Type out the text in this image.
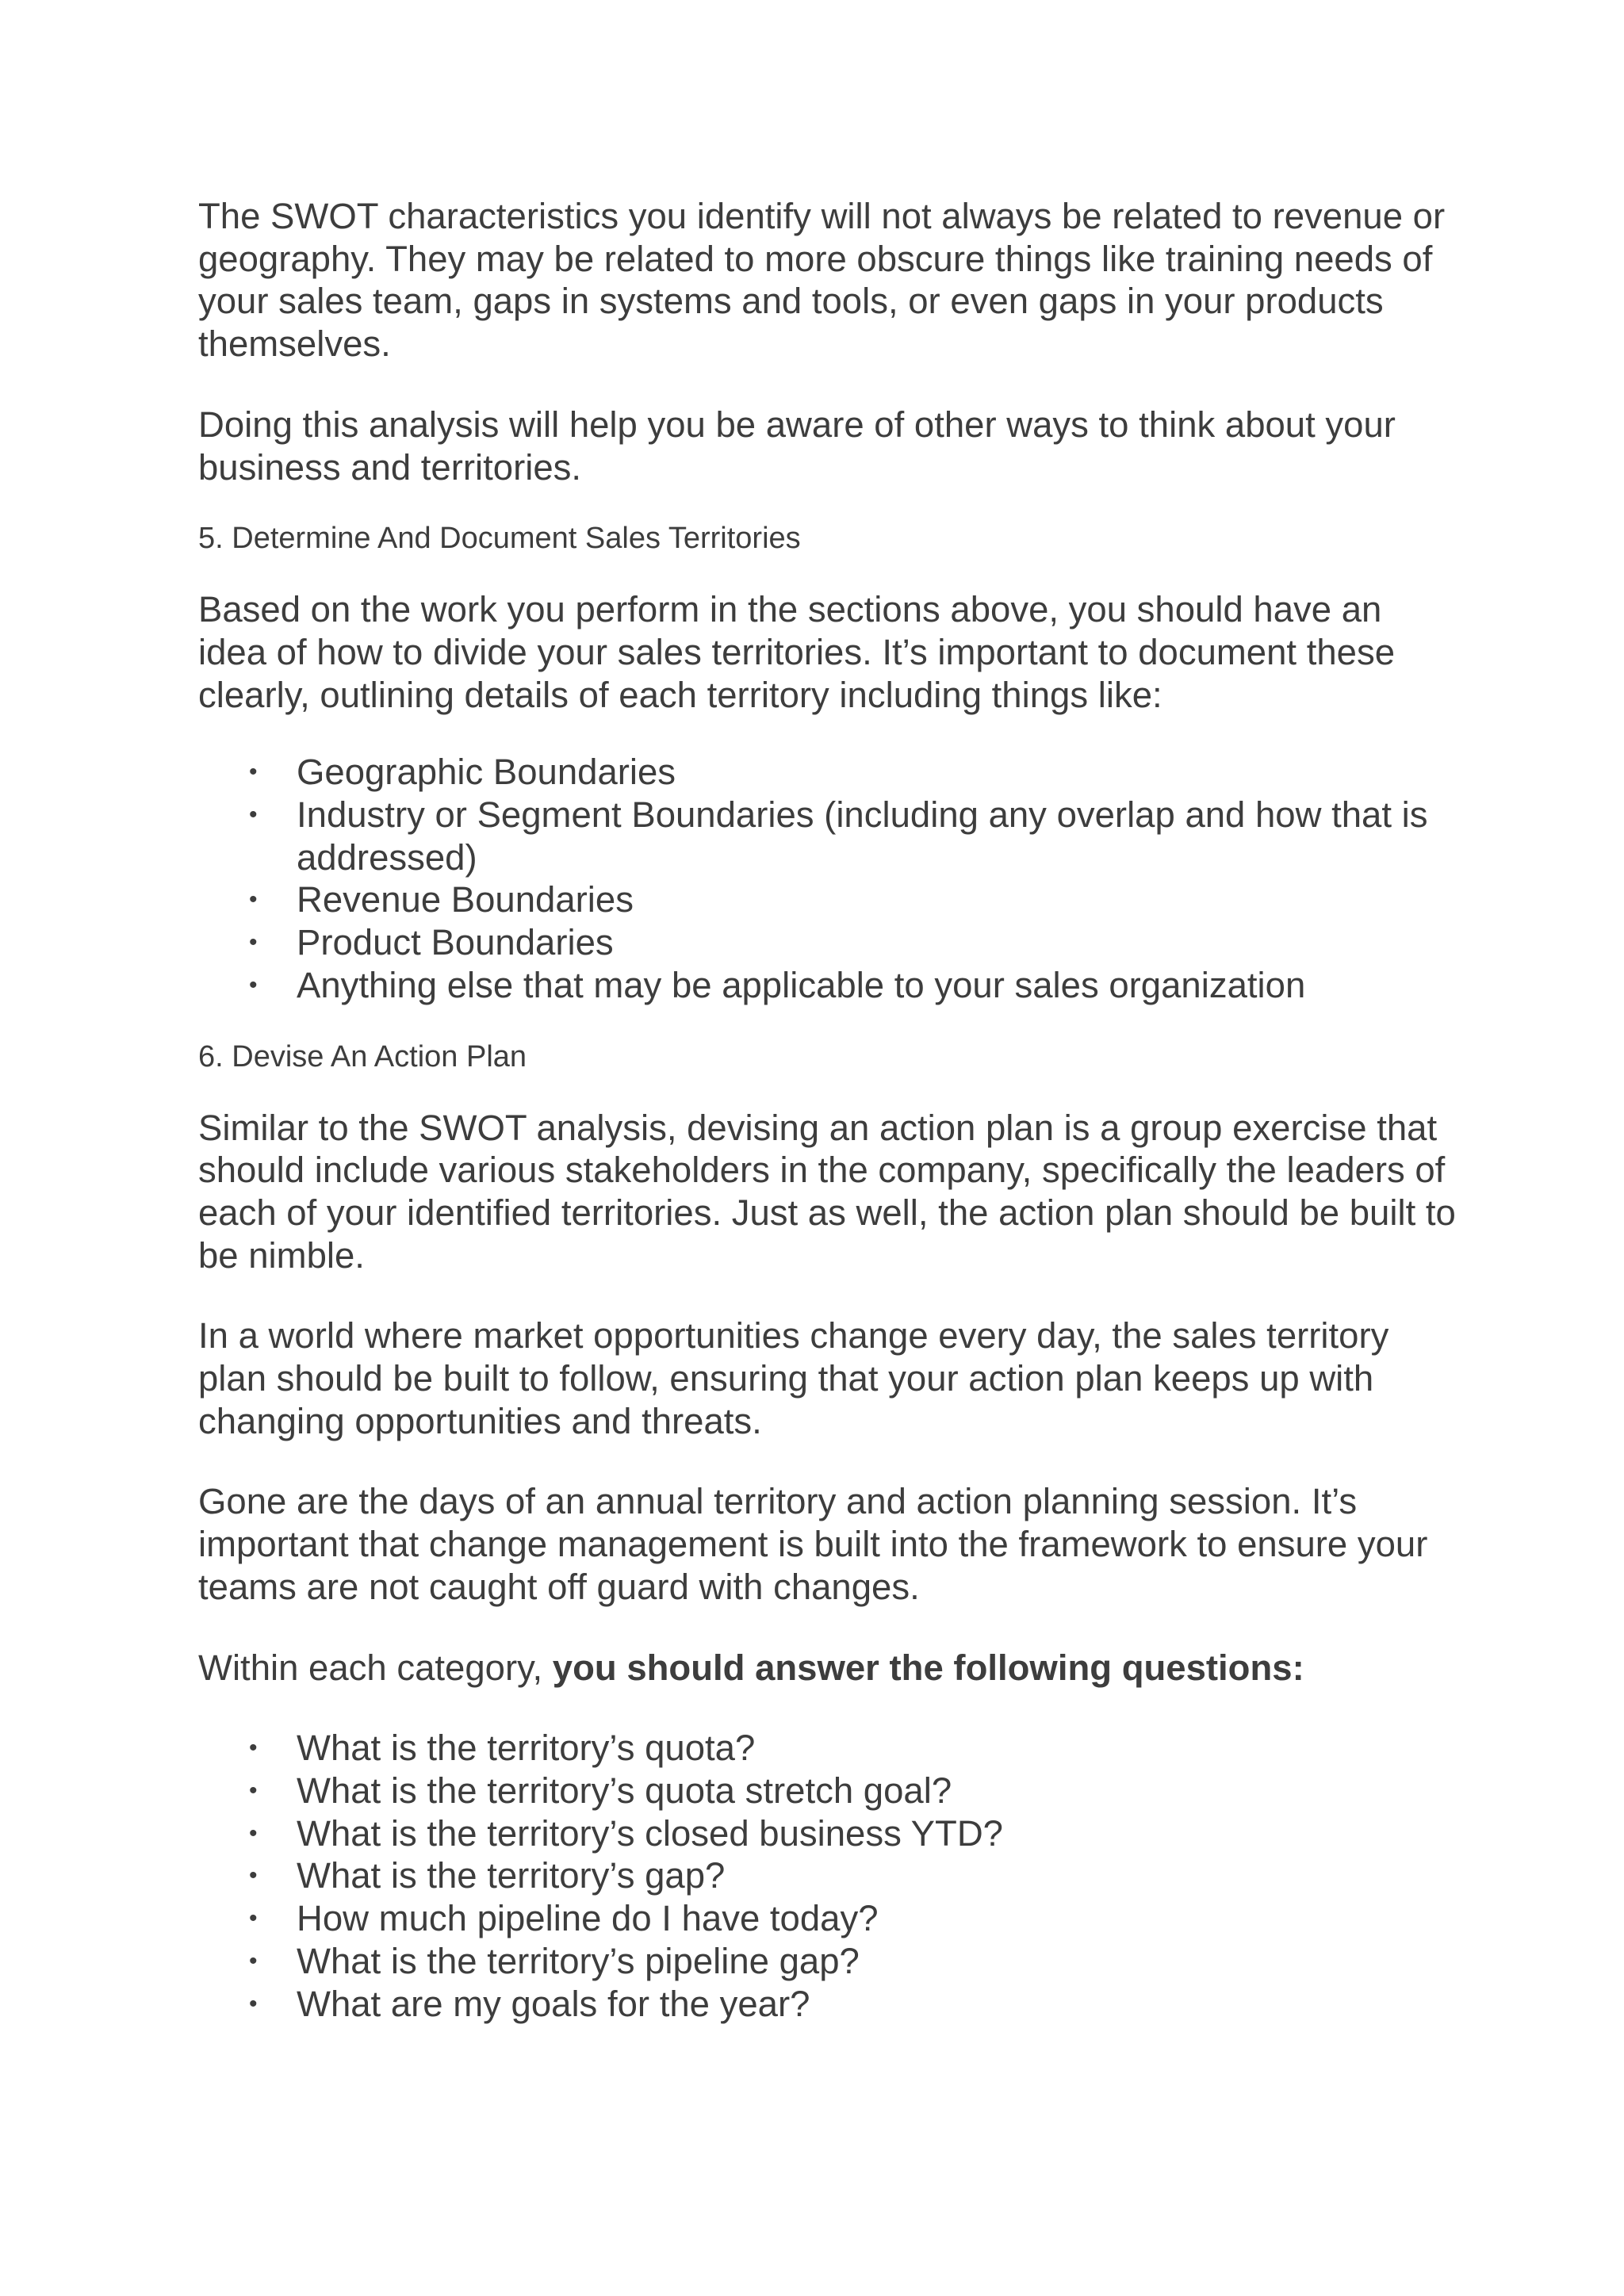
The SWOT characteristics you identify will not always be related to revenue or geography. They may be related to more obscure things like training needs of your sales team, gaps in systems and tools, or even gaps in your products themselves.

Doing this analysis will help you be aware of other ways to think about your business and territories.

5. Determine And Document Sales Territories

Based on the work you perform in the sections above, you should have an idea of how to divide your sales territories. It’s important to document these clearly, outlining details of each territory including things like:

• Geographic Boundaries
• Industry or Segment Boundaries (including any overlap and how that is addressed)
• Revenue Boundaries
• Product Boundaries
• Anything else that may be applicable to your sales organization

6. Devise An Action Plan

Similar to the SWOT analysis, devising an action plan is a group exercise that should include various stakeholders in the company, specifically the leaders of each of your identified territories. Just as well, the action plan should be built to be nimble.

In a world where market opportunities change every day, the sales territory plan should be built to follow, ensuring that your action plan keeps up with changing opportunities and threats.

Gone are the days of an annual territory and action planning session. It’s important that change management is built into the framework to ensure your teams are not caught off guard with changes.

Within each category, you should answer the following questions:

• What is the territory’s quota?
• What is the territory’s quota stretch goal?
• What is the territory’s closed business YTD?
• What is the territory’s gap?
• How much pipeline do I have today?
• What is the territory’s pipeline gap?
• What are my goals for the year?
